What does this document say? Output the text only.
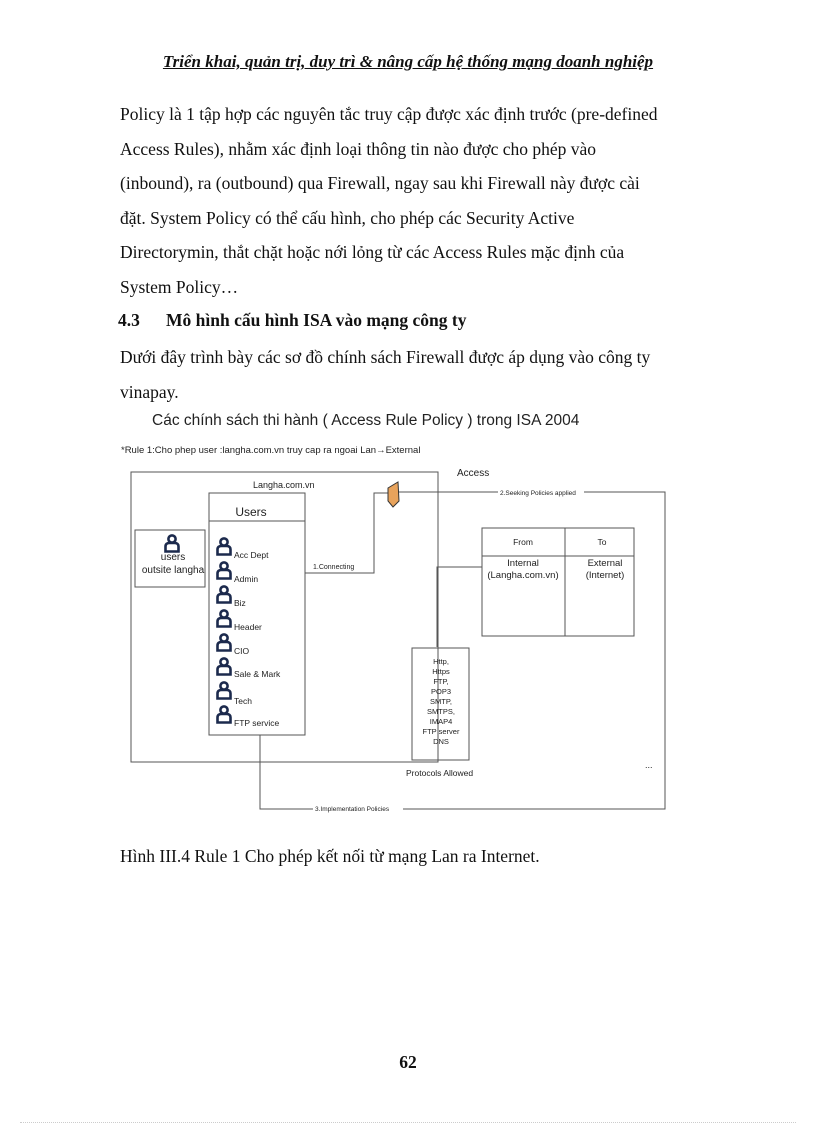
Triển khai, quản trị, duy trì & nâng cấp hệ thống mạng doanh nghiệp

Policy là 1 tập hợp các nguyên tắc truy cập được xác định trước (pre-defined

Access Rules), nhằm xác định loại thông tin nào được cho phép vào

(inbound), ra (outbound) qua Firewall, ngay sau khi Firewall này được cài

đặt. System Policy có thể cấu hình, cho phép các Security Active

Directorymin, thắt chặt hoặc nới lỏng từ các Access Rules mặc định của

System Policy…

4.3 Mô hình cấu hình ISA vào mạng công ty

Dưới đây trình bày các sơ đồ chính sách Firewall được áp dụng vào công ty

vinapay.

Các chính sách thi hành ( Access Rule Policy ) trong ISA 2004
*Rule 1:Cho phep user :langha.com.vn truy cap ra ngoai Lan→External
Langha.com.vn
users
outsite langha
Users
Acc Dept
Admin
Biz
Header
CIO
Sale & Mark
Tech
FTP service
1.Connecting
Access
2.Seeking Policies applied
From	To
Internal
(Langha.com.vn)
External
(Internet)
Http,
Https
FTP,
POP3
SMTP,
SMTPS,
IMAP4
FTP server
DNS
Protocols Allowed
3.Implementation Policies
...
Hình III.4 Rule 1 Cho phép kết nối từ mạng Lan ra Internet.
62
